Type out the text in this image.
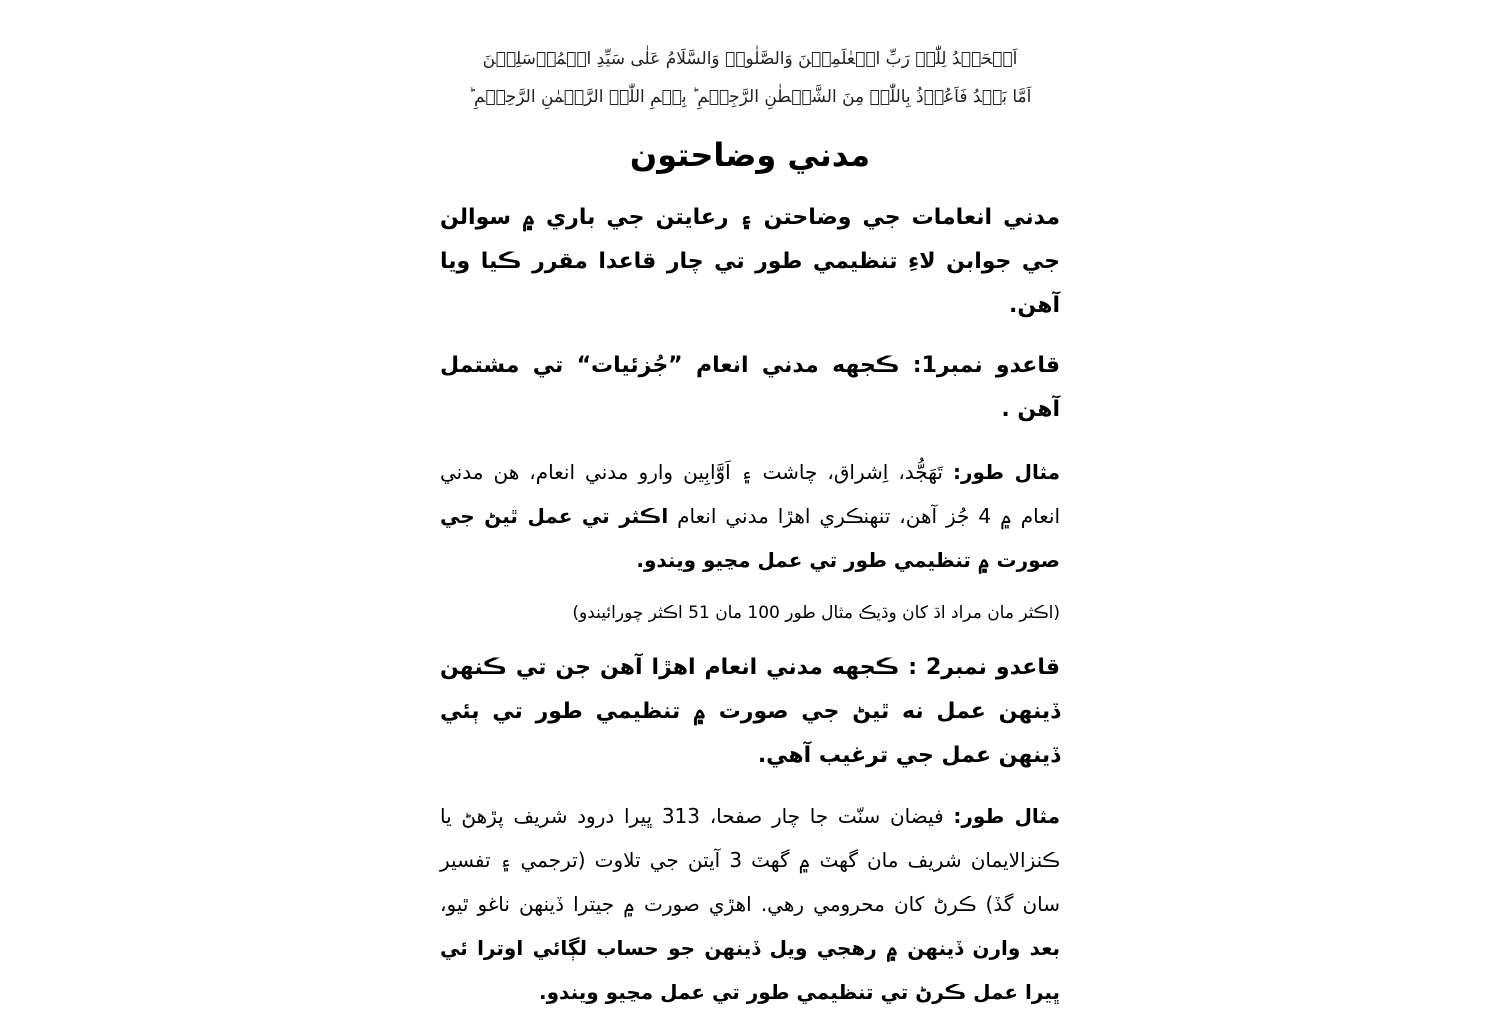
اَلۡحَمۡدُ لِلّٰہِ رَبِّ الۡعٰلَمِیۡنَ وَالصَّلٰوۃُ وَالسَّلَامُ عَلٰی سَیِّدِ الۡمُرۡسَلِیۡنَ
اَمَّا بَعۡدُ فَاَعُوۡذُ بِاللّٰہِ مِنَ الشَّیۡطٰنِ الرَّجِیۡمِ ؕ بِسۡمِ اللّٰہِ الرَّحۡمٰنِ الرَّحِیۡمِ ؕ
مدني وضاحتون

مدني انعامات جي وضاحتن ۽ رعايتن جي باري ۾ سوالن جي جوابن لاءِ تنظيمي طور تي چار قاعدا مقرر ڪيا ويا آهن.

قاعدو نمبر1: ڪجهه مدني انعام ”جُزئيات“ تي مشتمل آهن .

مثال طور: تَهَجُّد، اِشراق، چاشت ۽ اَوَّابِين وارو مدني انعام، هن مدني انعام ۾ 4 جُز آهن، تنهنڪري اهڙا مدني انعام اڪثر تي عمل ٿيڻ جي صورت ۾ تنظيمي طور تي عمل مڃيو ويندو.

(اڪثر مان مراد اڌ کان وڌيڪ مثال طور 100 مان 51 اڪثر چورائيندو)

قاعدو نمبر2 : ڪجهه مدني انعام اهڙا آهن جن تي ڪنهن ڏينهن عمل نه ٿيڻ جي صورت ۾ تنظيمي طور تي ٻئي ڏينهن عمل جي ترغيب آهي.

مثال طور: فيضان سنّت جا چار صفحا، 313 ڀيرا درود شريف پڙهڻ يا ڪنزالايمان شريف مان گهٽ ۾ گهٽ 3 آيتن جي تلاوت (ترجمي ۽ تفسير سان گڏ) ڪرڻ کان محرومي رهي. اهڙي صورت ۾ جيترا ڏينهن ناغو ٿيو، بعد وارن ڏينهن ۾ رهجي ويل ڏينهن جو حساب لڳائي اوترا ئي ڀيرا عمل ڪرڻ تي تنظيمي طور تي عمل مڃيو ويندو.
